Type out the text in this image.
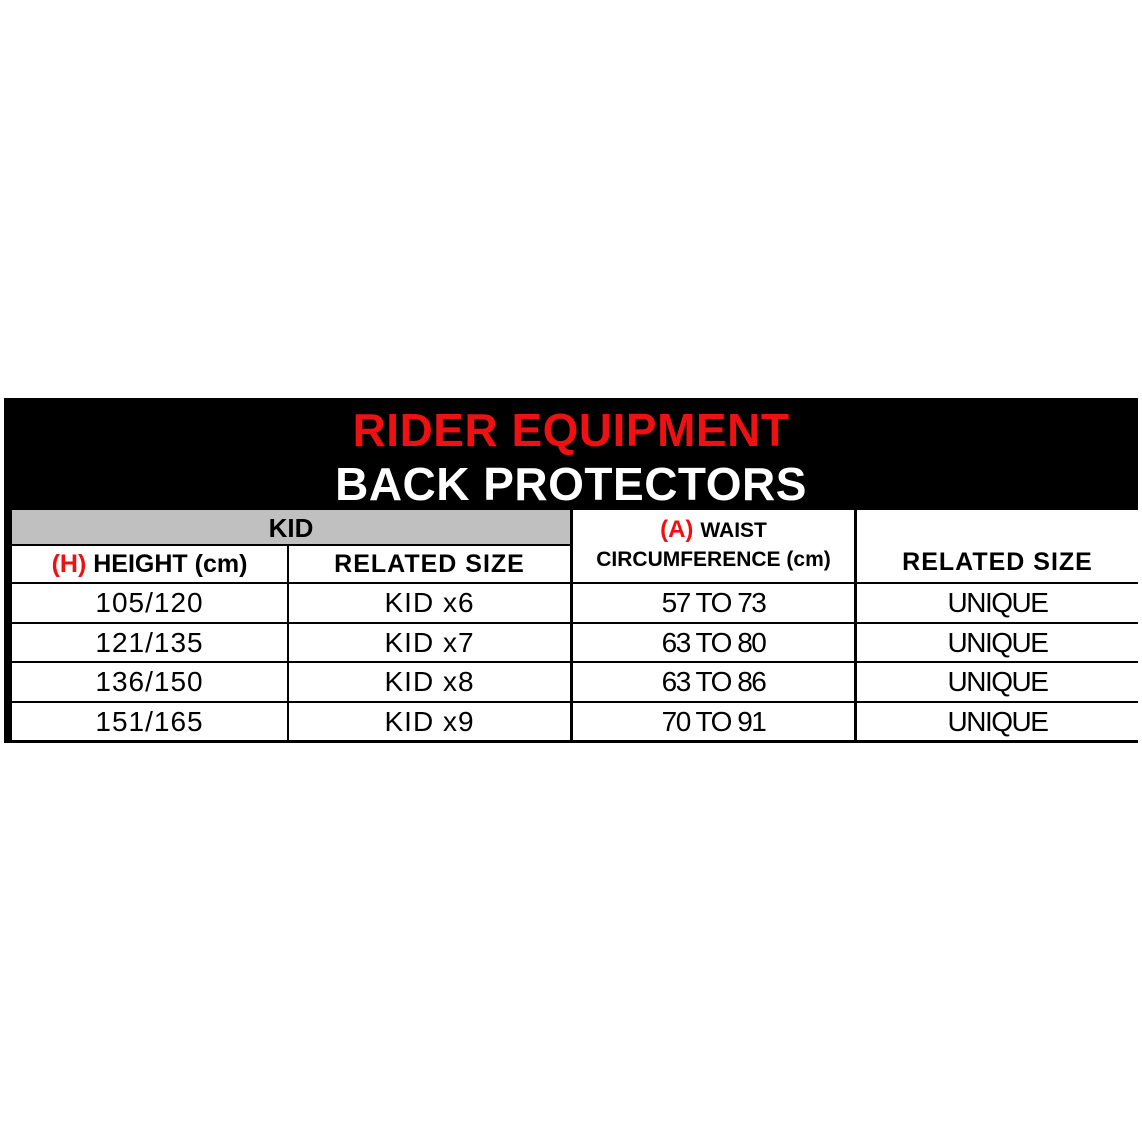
RIDER EQUIPMENT
BACK PROTECTORS
KID
(H) HEIGHT (cm)	RELATED SIZE
(A) WAIST
CIRCUMFERENCE (cm)	RELATED SIZE
105/120	KID x6	57 TO 73	UNIQUE
121/135	KID x7	63 TO 80	UNIQUE
136/150	KID x8	63 TO 86	UNIQUE
151/165	KID x9	70 TO 91	UNIQUE
